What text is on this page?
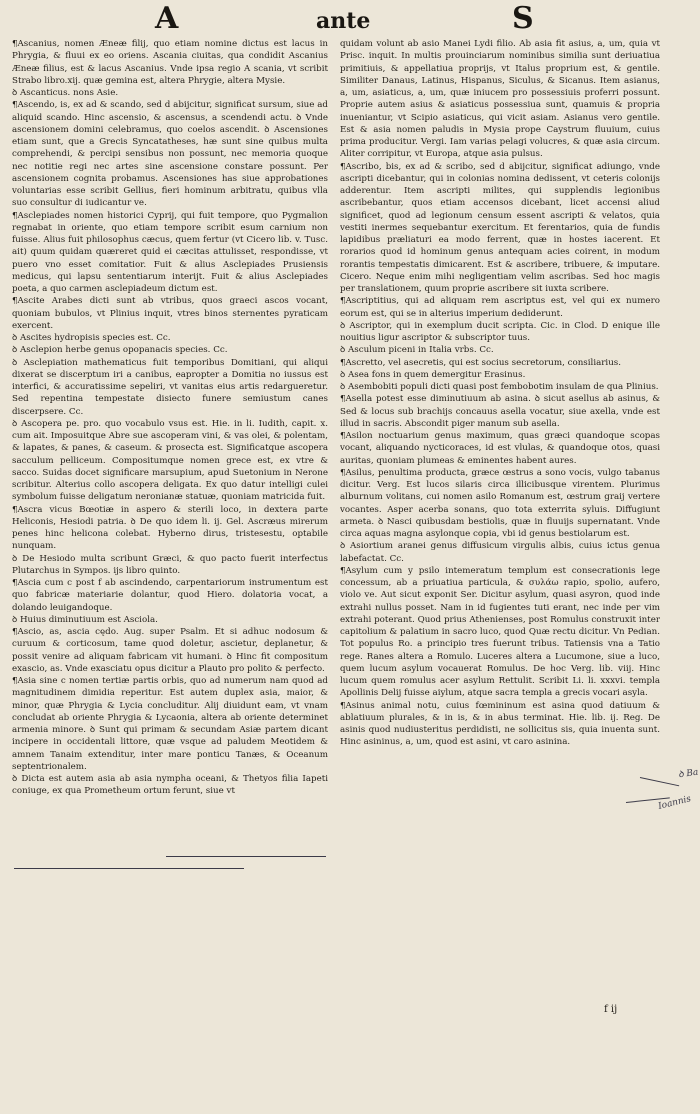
A	ante	S

¶Ascanius, nomen Æneæ filij, quo etiam nomine dictus est lacus in Phrygia, & fluui ex eo oriens. Ascania ciuitas, qua condidit Ascanius Æneæ filius, est & lacus Ascanius. Vnde ipsa regio A scania, vt scribit Strabo libro.xij. quæ gemina est, altera Phrygie, altera Mysie.

ꝺ Ascanticus. nons Asie.

¶Ascendo, is, ex ad & scando, sed d abijcitur, significat sursum, siue ad aliquid scando. Hinc ascensio, & ascensus, a scendendi actu. ꝺ Vnde ascensionem domini celebramus, quo coelos ascendit. ꝺ Ascensiones etiam sunt, que a Grecis Syncatatheses, hæ sunt sine quibus multa comprehendi, & percipi sensibus non possunt, nec memoria quoque nec notitie regi nec artes sine ascensione constare possunt. Per ascensionem cognita probamus. Ascensiones has siue approbationes voluntarias esse scribit Gellius, fieri hominum arbitratu, quibus vlla suo consultur di iudicantur ve.

¶Asclepiades nomen historici Cyprij, qui fuit tempore, quo Pygmalion regnabat in oriente, quo etiam tempore scribit esum carnium non fuisse. Alius fuit philosophus cæcus, quem fertur (vt Cicero lib. v. Tusc. ait) quum quidam quæreret quid ei cæcitas attulisset, respondisse, vt puero vno esset comitatior. Fuit & alius Asclepiades Prusiensis medicus, qui lapsu sententiarum interijt. Fuit & alius Asclepiades poeta, a quo carmen asclepiadeum dictum est.

¶Ascite Arabes dicti sunt ab vtribus, quos graeci ascos vocant, quoniam bubulos, vt Plinius inquit, vtres binos sternentes pyraticam exercent.

ꝺ Ascites hydropisis species est. Cc.

ꝺ Asclepion herbe genus opopanacis species. Cc.

ꝺ Asclepiation mathematicus fuit temporibus Domitiani, qui aliqui dixerat se discerptum iri a canibus, eapropter a Domitia no iussus est interfici, & accuratissime sepeliri, vt vanitas eius artis redargueretur. Sed repentina tempestate disiecto funere semiustum canes discerpsere. Cc.

ꝺ Ascopera pe. pro. quo vocabulo vsus est. Hie. in li. Iudith, capit. x. cum ait. Imposuitque Abre sue ascoperam vini, & vas olei, & polentam, & lapates, & panes, & caseum. & prosecta est. Significatque ascopera sacculum pelliceum. Compositumque nomen grece est, ex vtre & sacco. Suidas docet significare marsupium, apud Suetonium in Nerone scribitur. Alterius collo ascopera deligata. Ex quo datur intelligi culei symbolum fuisse deligatum neronianæ statuæ, quoniam matricida fuit.

¶Ascra vicus Bœotiæ in aspero & sterili loco, in dextera parte Heliconis, Hesiodi patria. ꝺ De quo idem li. ij. Gel. Ascræus mirerum penes hinc helicona colebat. Hyberno dirus, tristesestu, optabile nunquam.

ꝺ De Hesiodo multa scribunt Græci, & quo pacto fuerit interfectus Plutarchus in Sympos. ijs libro quinto.

¶Ascia cum c post f ab ascindendo, carpentariorum instrumentum est quo fabricæ materiarie dolantur, quod Hiero. dolatoria vocat, a dolando leuigandoque.

ꝺ Huius diminutiuum est Asciola.

¶Ascio, as, ascia cędo. Aug. super Psalm. Et si adhuc nodosum & curuum & corticosum, tame quod doletur, ascietur, deplanetur, & possit venire ad aliquam fabricam vit humani. ꝺ Hinc fit compositum exascio, as. Vnde exasciatu opus dicitur a Plauto pro polito & perfecto.

¶Asia sine c nomen tertiæ partis orbis, quo ad numerum nam quod ad magnitudinem dimidia reperitur. Est autem duplex asia, maior, & minor, quæ Phrygia & Lycia concluditur. Alij diuidunt eam, vt vnam concludat ab oriente Phrygia & Lycaonia, altera ab oriente determinet armenia minore. ꝺ Sunt qui primam & secundam Asiæ partem dicant incipere in occidentali littore, quæ vsque ad paludem Meotidem & amnem Tanaim extenditur, inter mare ponticu Tanæs, & Oceanum septentrionalem.

ꝺ Dicta est autem asia ab asia nympha oceani, & Thetyos filia Iapeti coniuge, ex qua Prometheum ortum ferunt, siue vt

quidam volunt ab asio Manei Lydi filio. Ab asia fit asius, a, um, quia vt Prisc. inquit. In multis prouinciarum nominibus similia sunt deriuatiua primitiuis, & appellatiua proprijs, vt Italus proprium est, & gentile. Similiter Danaus, Latinus, Hispanus, Siculus, & Sicanus. Item asianus, a, um, asiaticus, a, um, quæ iniucem pro possessiuis proferri possunt. Proprie autem asius & asiaticus possessiua sunt, quamuis & propria inueniantur, vt Scipio asiaticus, qui vicit asiam. Asianus vero gentile. Est & asia nomen paludis in Mysia prope Caystrum fluuium, cuius prima producitur. Vergi. Iam varias pelagi volucres, & quæ asia circum. Aliter corripitur, vt Europa, atque asia pulsus.

¶Ascribo, bis, ex ad & scribo, sed d abijcitur, significat adiungo, vnde ascripti dicebantur, qui in colonias nomina dedissent, vt ceteris colonijs adderentur. Item ascripti milites, qui supplendis legionibus ascribebantur, quos etiam accensos dicebant, licet accensi aliud significet, quod ad legionum censum essent ascripti & velatos, quia vestiti inermes sequebantur exercitum. Et ferentarios, quia de fundis lapidibus præliaturi ea modo ferrent, quæ in hostes iacerent. Et rorarios quod id hominum genus antequam acies coirent, in modum rorantis tempestatis dimicarent. Est & ascribere, tribuere, & imputare. Cicero. Neque enim mihi negligentiam velim ascribas. Sed hoc magis per translationem, quum proprie ascribere sit iuxta scribere.

¶Ascriptitius, qui ad aliquam rem ascriptus est, vel qui ex numero eorum est, qui se in alterius imperium dediderunt.

ꝺ Ascriptor, qui in exemplum ducit scripta. Cic. in Clod. D enique ille nouitius ligur ascriptor & subscriptor tuus.

ꝺ Asculum piceni in Italia vrbs. Cc.

¶Ascretto, vel asecretis, qui est socius secretorum, consiliarius.

ꝺ Asea fons in quem demergitur Erasinus.

ꝺ Asembobiti populi dicti quasi post fembobotim insulam de qua Plinius.

¶Asella potest esse diminutiuum ab asina. ꝺ sicut asellus ab asinus, & Sed & locus sub brachijs concauus asella vocatur, siue axella, vnde est illud in sacris. Abscondit piger manum sub asella.

¶Asilon noctuarium genus maximum, quas græci quandoque scopas vocant, aliquando nycticoraces, id est vlulas, & quandoque otos, quasi auritas, quoniam plumeas & eminentes habent aures.

¶Asilus, penultima producta, græce œstrus a sono vocis, vulgo tabanus dicitur. Verg. Est lucos silaris circa illicibusque virentem. Plurimus alburnum volitans, cui nomen asilo Romanum est, œstrum graij vertere vocantes. Asper acerba sonans, quo tota exterrita syluis. Diffugiunt armeta. ꝺ Nasci quibusdam bestiolis, quæ in fluuijs supernatant. Vnde circa aquas magna asylonque copia, vbi id genus bestiolarum est.

ꝺ Asiortium aranei genus diffusicum virgulis albis, cuius ictus genua labefactat. Cc.

¶Asylum cum y psilo intemeratum templum est consecrationis lege concessum, ab a priuatiua particula, & συλάω rapio, spolio, aufero, violo ve. Aut sicut exponit Ser. Dicitur asylum, quasi asyron, quod inde extrahi nullus posset. Nam in id fugientes tuti erant, nec inde per vim extrahi poterant. Quod prius Athenienses, post Romulus construxit inter capitolium & palatium in sacro luco, quod Quæ rectu dicitur. Vn Pedian. Tot populus Ro. a principio tres fuerunt tribus. Tatiensis vna a Tatio rege. Ranes altera a Romulo. Luceres altera a Lucumone, siue a luco, quem lucum asylum vocauerat Romulus. De hoc Verg. lib. viij. Hinc lucum quem romulus acer asylum Rettulit. Scribit Li. li. xxxvi. templa Apollinis Delij fuisse aiylum, atque sacra templa a grecis vocari asyla.

¶Asinus animal notu, cuius fœmininum est asina quod datiuum & ablatiuum plurales, & in is, & in abus terminat. Hie. lib. ij. Reg. De asinis quod nudiusteritus perdidisti, ne sollicitus sis, quia inuenta sunt. Hinc asininus, a, um, quod est asini, vt caro asinina.

ꝺ Ba
Ioannis
f ij
